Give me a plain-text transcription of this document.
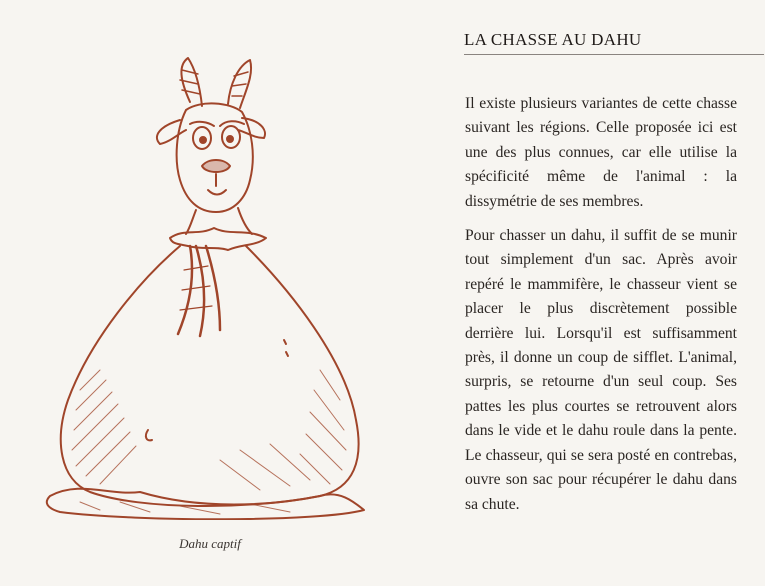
Dahu captif
LA CHASSE AU DAHU

Il existe plusieurs variantes de cette chasse suivant les régions. Celle proposée ici est une des plus connues, car elle utilise la spécificité même de l'animal : la dissymétrie de ses membres.

Pour chasser un dahu, il suffit de se munir tout simplement d'un sac. Après avoir repéré le mammifère, le chasseur vient se placer le plus discrètement possible derrière lui. Lorsqu'il est suffisamment près, il donne un coup de sifflet. L'animal, surpris, se retourne d'un seul coup. Ses pattes les plus courtes se retrouvent alors dans le vide et le dahu roule dans la pente. Le chasseur, qui se sera posté en contrebas, ouvre son sac pour récupérer le dahu dans sa chute.
